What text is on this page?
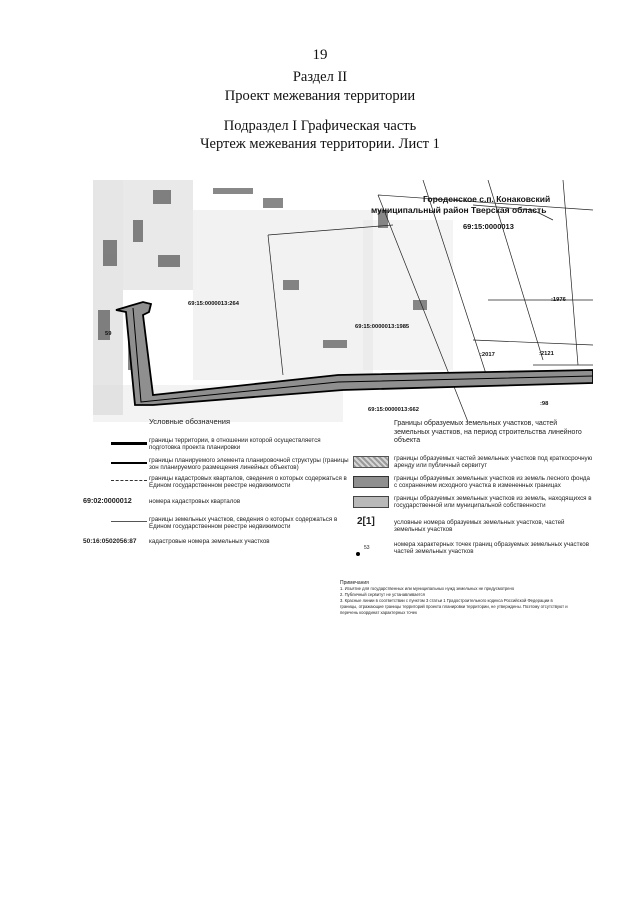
19
Раздел II
Проект межевания территории
Подраздел I Графическая часть
Чертеж межевания территории. Лист 1
Городенское с.п. Конаковский
муниципальный район Тверская область
69:15:0000013
69:15:0000013:264
69:15:0000013:1985
:1976
:2017	:2121
69:15:0000013:662
:98
59
Условные обозначения
границы территории, в отношении которой осуществляется подготовка проекта планировки
границы планируемого элемента планировочной структуры (границы зон планируемого размещения линейных объектов)
границы кадастровых кварталов, сведения о которых содержаться в Едином государственном реестре недвижимости
69:02:0000012	номера кадастровых кварталов
границы земельных участков, сведения о которых содержаться в Едином государственном реестре недвижимости
50:16:0502056:87 кадастровые номера земельных участков
Границы образуемых земельных участков, частей земельных участков, на период строительства линейного объекта
границы образуемых частей земельных участков под краткосрочную аренду или публичный сервитут
границы образуемых земельных участков из земель лесного фонда с сохранением исходного участка в измененных границах
границы образуемых земельных участков из земель, находящихся в государственной или муниципальной собственности
2[1]	условные номера образуемых земельных участков, частей земельных участков
53	номера характерных точек границ образуемых земельных участков частей земельных участков
Примечания
1. Изъятие для государственных или муниципальных нужд земельных не предусмотрено
2. Публичный сервитут не устанавливается
3. Красные линии в соответствии с пунктом 3 статьи 1 Градостроительного кодекса Российской Федерации в
границы, отражающие границы территорий проекта планировки территории, не утверждены. Поэтому отсутствуют и
перечень координат характерных точек
